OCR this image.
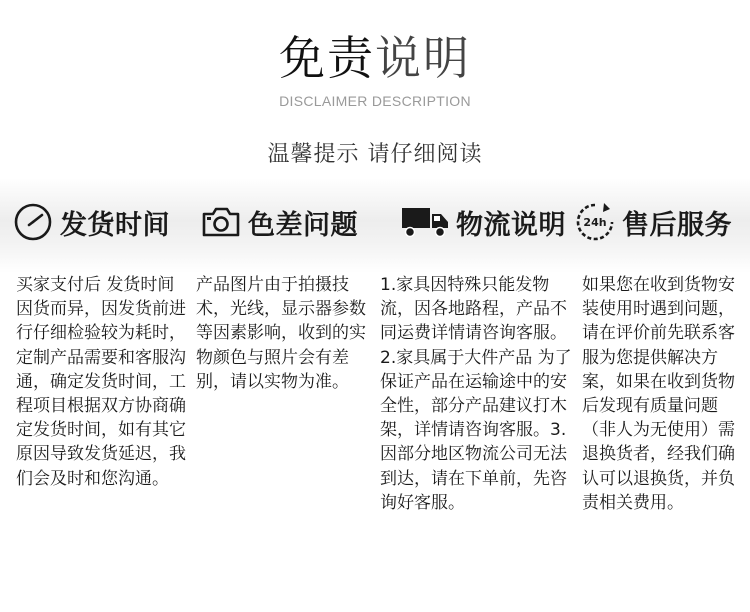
免责说明
DISCLAIMER DESCRIPTION
温馨提示 请仔细阅读
发货时间	色差问题	物流说明 24h 售后服务

买家支付后 发货时间因货而异，因发货前进行仔细检验较为耗时，定制产品需要和客服沟通，确定发货时间，工程项目根据双方协商确定发货时间，如有其它原因导致发货延迟，我们会及时和您沟通。

产品图片由于拍摄技术，光线，显示器参数等因素影响，收到的实物颜色与照片会有差别，请以实物为准。

1.家具因特殊只能发物流，因各地路程，产品不同运费详情请咨询客服。

2.家具属于大件产品 为了保证产品在运输途中的安全性，部分产品建议打木架，详情请咨询客服。3.因部分地区物流公司无法到达，请在下单前，先咨询好客服。

如果您在收到货物安装使用时遇到问题，请在评价前先联系客服为您提供解决方案，如果在收到货物后发现有质量问题（非人为无使用）需退换货者，经我们确认可以退换货，并负责相关费用。
